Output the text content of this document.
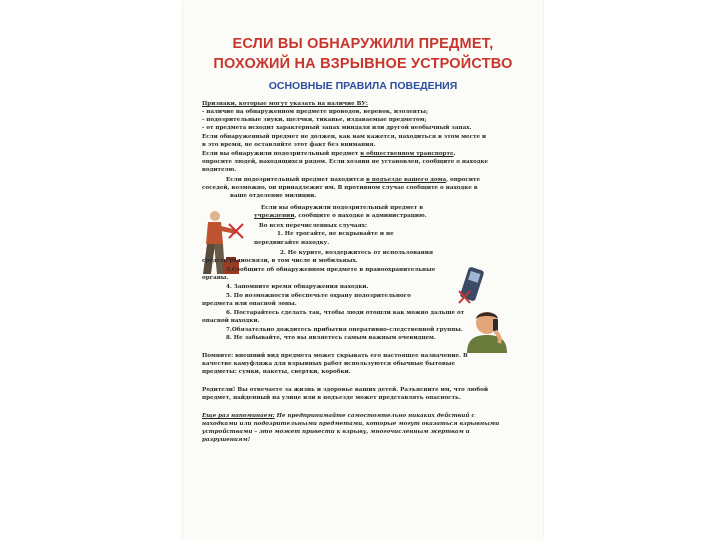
ЕСЛИ ВЫ ОБНАРУЖИЛИ ПРЕДМЕТ,
ПОХОЖИЙ НА ВЗРЫВНОЕ УСТРОЙСТВО
ОСНОВНЫЕ ПРАВИЛА ПОВЕДЕНИЯ
Признаки, которые могут указать на наличие ВУ:
- наличие на обнаруженном предмете проводов, веревок, изоленты;
- подозрительные звуки, щелчки, тиканье, издаваемые предметом;
- от предмета исходит характерный запах миндаля или другой необычный запах.
Если обнаруженный предмет не должен, как вам кажется, находиться в этом месте и
в это время, не оставляйте этот факт без внимания.
Если вы обнаружили подозрительный предмет в общественном транспорте,
опросите людей, находящихся рядом. Если хозяин не установлен, сообщите о находке
водителю.
Если подозрительный предмет находится в подъезде вашего дома, опросите
соседей, возможно, он принадлежит им. В противном случае сообщите о находке в
ваше отделение милиции.
Если вы обнаружили подозрительный предмет в
учреждении, сообщите о находке в администрацию.
Во всех перечисленных случаях:
1. Не трогайте, не вскрывайте и не
передвигайте находку.
2. Не курите, воздержитесь от использования
средств радиосвязи, в том числе и мобильных.
3.Сообщите об обнаруженном предмете в правоохранительные
органы.
4. Запомните время обнаружения находки.
5. По возможности обеспечьте охрану подозрительного
предмета или опасной зоны.
6. Постарайтесь сделать так, чтобы люди отошли как можно дальше от
опасной находки.
7.Обязательно дождитесь прибытия оперативно-следственной группы.
8. Не забывайте, что вы являетесь самым важным очевидцем.
Помните: внешний вид предмета может скрывать его настоящее назначение. В
качестве камуфляжа для взрывных работ используются обычные бытовые
предметы: сумки, пакеты, свертки, коробки.
Родители! Вы отвечаете за жизнь и здоровье ваших детей. Разъясните им, что любой
предмет, найденный на улице или в подъезде может представлять опасность.
Еще раз напоминаем: Не предпринимайте самостоятельно никаких действий с
находками или подозрительными предметами, которые могут оказаться взрывными
устройствами – это может привести к взрыву, многочисленным жертвам и
разрушениям!
